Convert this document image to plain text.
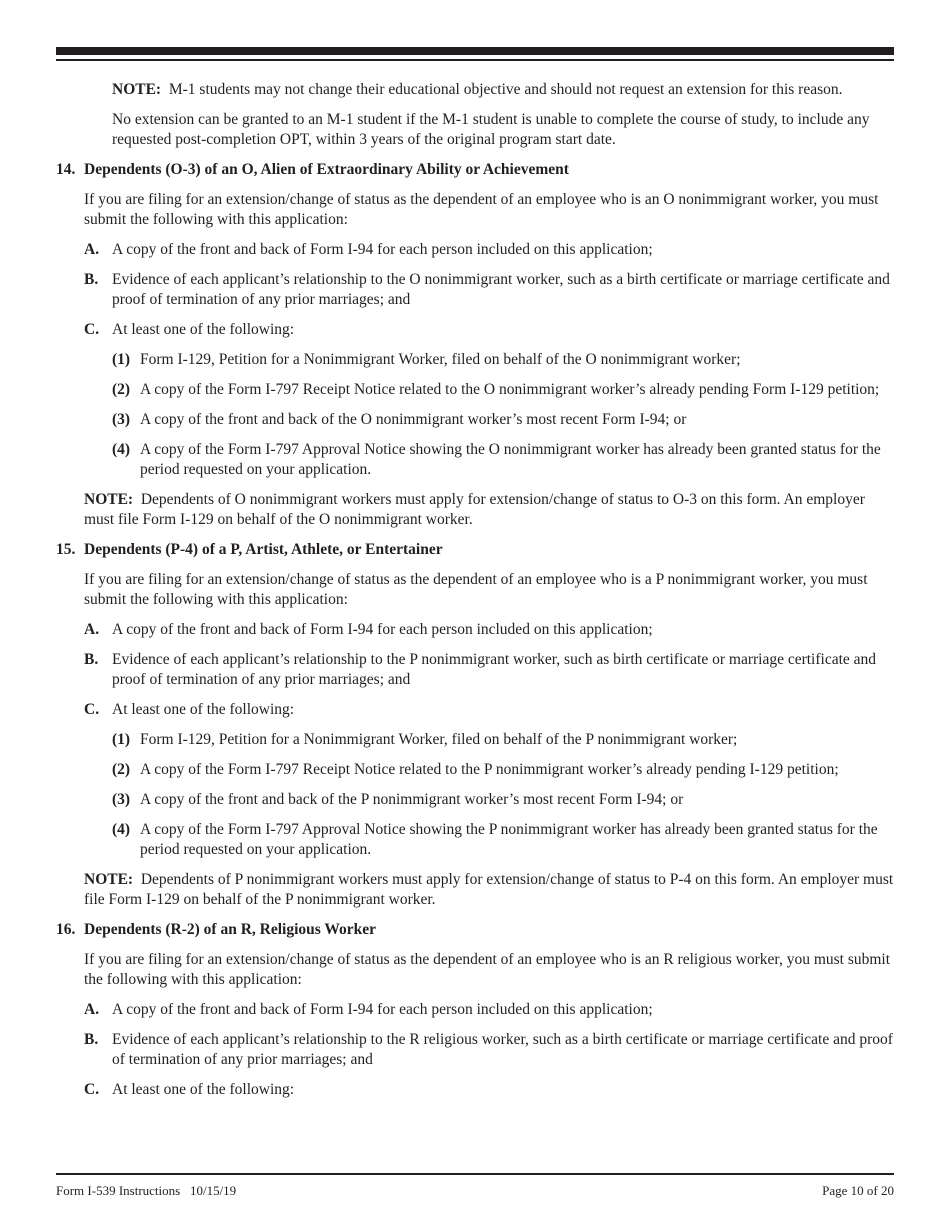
NOTE: M-1 students may not change their educational objective and should not request an extension for this reason.

No extension can be granted to an M-1 student if the M-1 student is unable to complete the course of study, to include any requested post-completion OPT, within 3 years of the original program start date.

14. Dependents (O-3) of an O, Alien of Extraordinary Ability or Achievement

If you are filing for an extension/change of status as the dependent of an employee who is an O nonimmigrant worker, you must submit the following with this application:

A. A copy of the front and back of Form I-94 for each person included on this application;
B. Evidence of each applicant’s relationship to the O nonimmigrant worker, such as a birth certificate or marriage certificate and proof of termination of any prior marriages; and
C. At least one of the following:
(1) Form I-129, Petition for a Nonimmigrant Worker, filed on behalf of the O nonimmigrant worker;
(2) A copy of the Form I-797 Receipt Notice related to the O nonimmigrant worker’s already pending Form I-129 petition;
(3) A copy of the front and back of the O nonimmigrant worker’s most recent Form I-94; or
(4) A copy of the Form I-797 Approval Notice showing the O nonimmigrant worker has already been granted status for the period requested on your application.

NOTE: Dependents of O nonimmigrant workers must apply for extension/change of status to O-3 on this form. An employer must file Form I-129 on behalf of the O nonimmigrant worker.

15. Dependents (P-4) of a P, Artist, Athlete, or Entertainer

If you are filing for an extension/change of status as the dependent of an employee who is a P nonimmigrant worker, you must submit the following with this application:

A. A copy of the front and back of Form I-94 for each person included on this application;
B. Evidence of each applicant’s relationship to the P nonimmigrant worker, such as birth certificate or marriage certificate and proof of termination of any prior marriages; and
C. At least one of the following:
(1) Form I-129, Petition for a Nonimmigrant Worker, filed on behalf of the P nonimmigrant worker;
(2) A copy of the Form I-797 Receipt Notice related to the P nonimmigrant worker’s already pending I-129 petition;
(3) A copy of the front and back of the P nonimmigrant worker’s most recent Form I-94; or
(4) A copy of the Form I-797 Approval Notice showing the P nonimmigrant worker has already been granted status for the period requested on your application.

NOTE: Dependents of P nonimmigrant workers must apply for extension/change of status to P-4 on this form. An employer must file Form I-129 on behalf of the P nonimmigrant worker.

16. Dependents (R-2) of an R, Religious Worker

If you are filing for an extension/change of status as the dependent of an employee who is an R religious worker, you must submit the following with this application:

A. A copy of the front and back of Form I-94 for each person included on this application;
B. Evidence of each applicant’s relationship to the R religious worker, such as a birth certificate or marriage certificate and proof of termination of any prior marriages; and
C. At least one of the following:
Form I-539 Instructions   10/15/19	Page 10 of 20
